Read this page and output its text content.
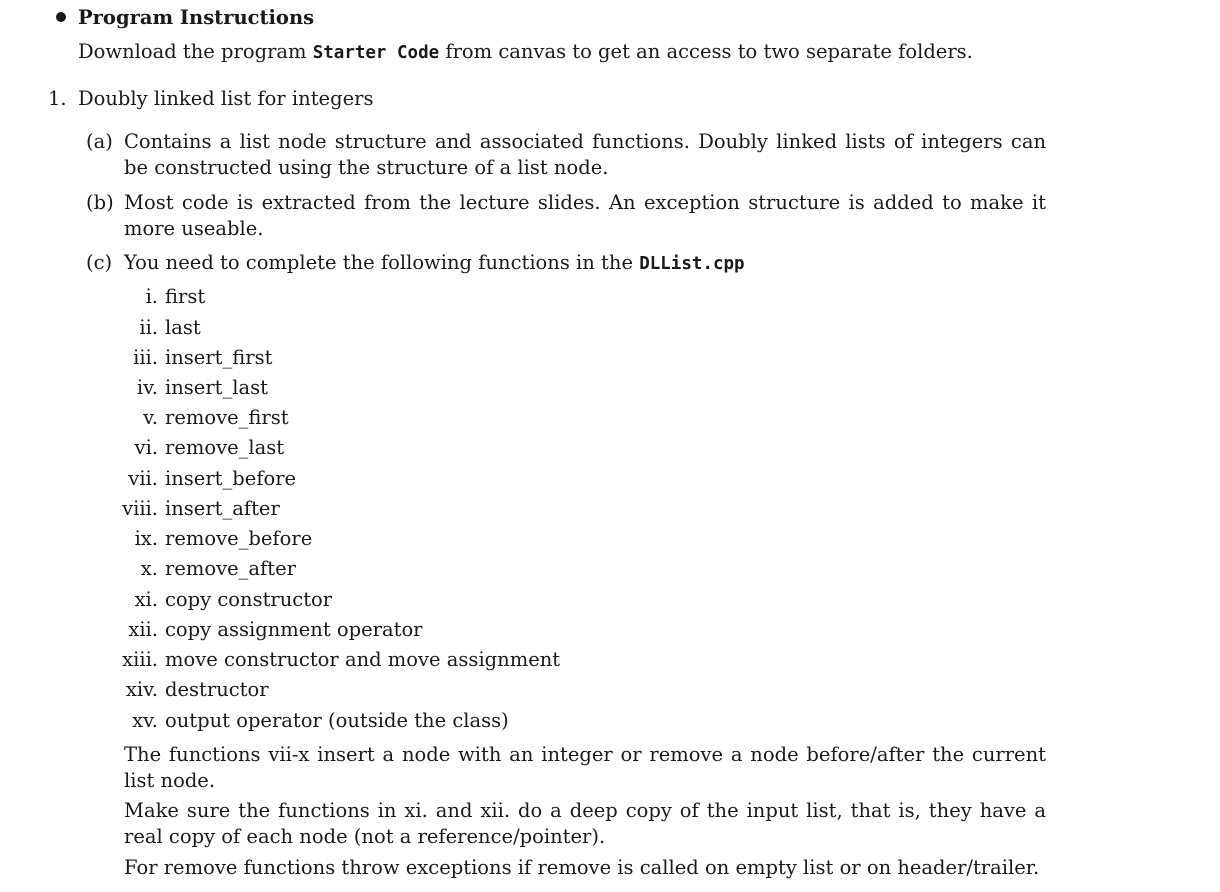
Program Instructions
Download the program Starter Code from canvas to get an access to two separate folders.
1. Doubly linked list for integers
(a) Contains a list node structure and associated functions. Doubly linked lists of integers can be constructed using the structure of a list node.
(b) Most code is extracted from the lecture slides. An exception structure is added to make it more useable.
(c) You need to complete the following functions in the DLList.cpp
i. first
ii. last
iii. insert_first
iv. insert_last
v. remove_first
vi. remove_last
vii. insert_before
viii. insert_after
ix. remove_before
x. remove_after
xi. copy constructor
xii. copy assignment operator
xiii. move constructor and move assignment
xiv. destructor
xv. output operator (outside the class)
The functions vii-x insert a node with an integer or remove a node before/after the current list node.
Make sure the functions in xi. and xii. do a deep copy of the input list, that is, they have a real copy of each node (not a reference/pointer).
For remove functions throw exceptions if remove is called on empty list or on header/trailer.
